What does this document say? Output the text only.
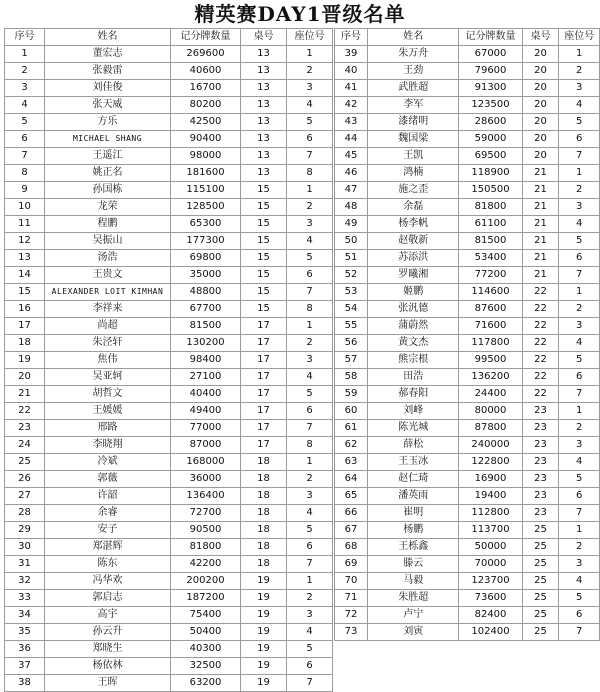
精英赛DAY1晋级名单
序号	姓名	记分牌数量	桌号	座位号
1	董宏志	269600	13	1
2	张毅雷	40600	13	2
3	刘佳俊	16700	13	3
4	张天威	80200	13	4
5	方乐	42500	13	5
6	MICHAEL SHANG	90400	13	6
7	王遥江	98000	13	7
8	姚正名	181600	13	8
9	孙国栋	115100	15	1
10	龙荣	128500	15	2
11	程鹏	65300	15	3
12	吴振山	177300	15	4
13	汤浩	69800	15	5
14	王贵文	35000	15	6
15	ALEXANDER LOIT KIMHAN	48800	15	7
16	李祥来	67700	15	8
17	尚超	81500	17	1
18	朱泾轩	130200	17	2
19	焦伟	98400	17	3
20	吴亚轲	27100	17	4
21	胡哲文	40400	17	5
22	王媛媛	49400	17	6
23	邢路	77000	17	7
24	李晓翔	87000	17	8
25	冷斌	168000	18	1
26	郭薇	36000	18	2
27	许韶	136400	18	3
28	余睿	72700	18	4
29	安子	90500	18	5
30	郑湛辉	81800	18	6
31	陈东	42200	18	7
32	冯华欢	200200	19	1
33	郭启志	187200	19	2
34	高宇	75400	19	3
35	孙云升	50400	19	4
36	郑晓生	40300	19	5
37	杨依林	32500	19	6
38	王晖	63200	19	7
序号	姓名	记分牌数量	桌号	座位号
39	朱万舟	67000	20	1
40	王劲	79600	20	2
41	武胜超	91300	20	3
42	李军	123500	20	4
43	漆绪明	28600	20	5
44	魏国梁	59000	20	6
45	王凯	69500	20	7
46	鸿楠	118900	21	1
47	施之歪	150500	21	2
48	余磊	81800	21	3
49	杨李帆	61100	21	4
50	赵敬新	81500	21	5
51	苏添洪	53400	21	6
52	罗曦湘	77200	21	7
53	姬鹏	114600	22	1
54	张汎德	87600	22	2
55	蒲蔚然	71600	22	3
56	黄文杰	117800	22	4
57	熊宗根	99500	22	5
58	田浩	136200	22	6
59	郝春阳	24400	22	7
60	刘峰	80000	23	1
61	陈光城	87800	23	2
62	薛松	240000	23	3
63	王玉冰	122800	23	4
64	赵仁琦	16900	23	5
65	潘英雨	19400	23	6
66	崔明	112800	23	7
67	杨鹏	113700	25	1
68	王栎鑫	50000	25	2
69	滕云	70000	25	3
70	马毅	123700	25	4
71	朱胜超	73600	25	5
72	卢宁	82400	25	6
73	刘寅	102400	25	7
